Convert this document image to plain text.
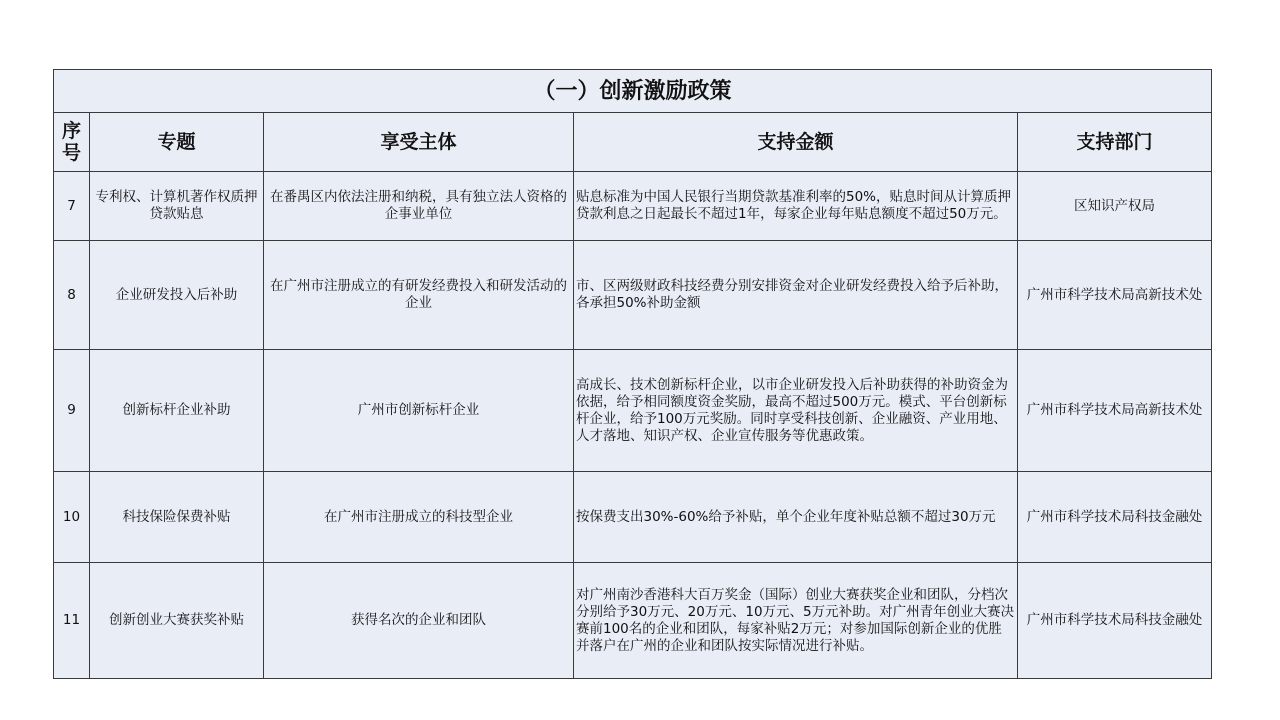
（一）创新激励政策				
序号	专题	享受主体	支持金额	支持部门
7	专利权、计算机著作权质押贷款贴息	在番禺区内依法注册和纳税，具有独立法人资格的企事业单位	贴息标准为中国人民银行当期贷款基准利率的50%，贴息时间从计算质押贷款利息之日起最长不超过1年，每家企业每年贴息额度不超过50万元。	区知识产权局
8	企业研发投入后补助	在广州市注册成立的有研发经费投入和研发活动的企业	市、区两级财政科技经费分别安排资金对企业研发经费投入给予后补助，各承担50%补助金额	广州市科学技术局高新技术处
9	创新标杆企业补助	广州市创新标杆企业	高成长、技术创新标杆企业，以市企业研发投入后补助获得的补助资金为依据，给予相同额度资金奖励，最高不超过500万元。模式、平台创新标杆企业，给予100万元奖励。同时享受科技创新、企业融资、产业用地、人才落地、知识产权、企业宣传服务等优惠政策。	广州市科学技术局高新技术处
10	科技保险保费补贴	在广州市注册成立的科技型企业	按保费支出30%-60%给予补贴，单个企业年度补贴总额不超过30万元	广州市科学技术局科技金融处
11	创新创业大赛获奖补贴	获得名次的企业和团队	对广州南沙香港科大百万奖金（国际）创业大赛获奖企业和团队，分档次分别给予30万元、20万元、10万元、5万元补助。对广州青年创业大赛决赛前100名的企业和团队，每家补贴2万元；对参加国际创新企业的优胜并落户在广州的企业和团队按实际情况进行补贴。	广州市科学技术局科技金融处
